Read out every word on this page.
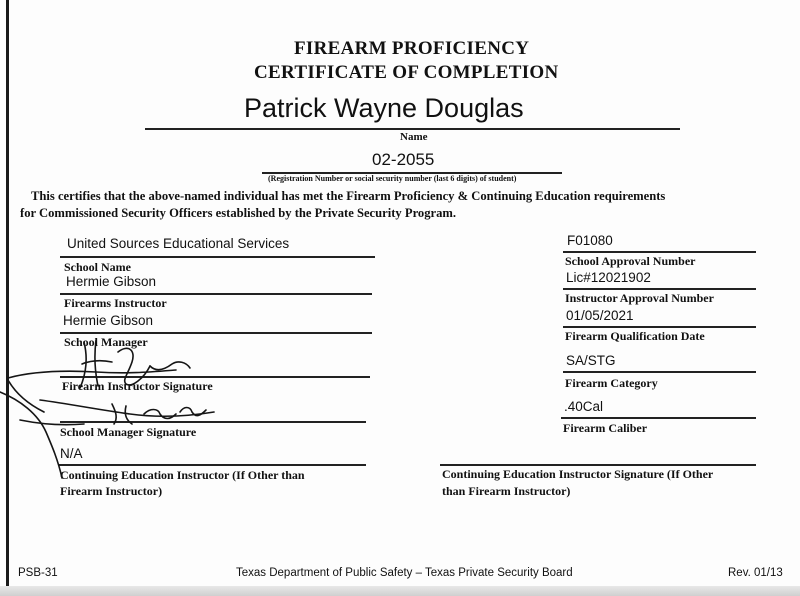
FIREARM PROFICIENCY
CERTIFICATE OF COMPLETION
Patrick Wayne Douglas
Name
02-2055
(Registration Number or social security number (last 6 digits) of student)
This certifies that the above-named individual has met the Firearm Proficiency & Continuing Education requirements
for Commissioned Security Officers established by the Private Security Program.
United Sources Educational Services
School Name
Hermie Gibson
Firearms Instructor
Hermie Gibson
School Manager
Firearm Instructor Signature
School Manager Signature
N/A
Continuing Education Instructor (If Other than
Firearm Instructor)
F01080
School Approval Number
Lic#12021902
Instructor Approval Number
01/05/2021
Firearm Qualification Date
SA/STG
Firearm Category
.40Cal
Firearm Caliber
Continuing Education Instructor Signature (If Other
than Firearm Instructor)
PSB-31	Texas Department of Public Safety – Texas Private Security Board	Rev. 01/13
